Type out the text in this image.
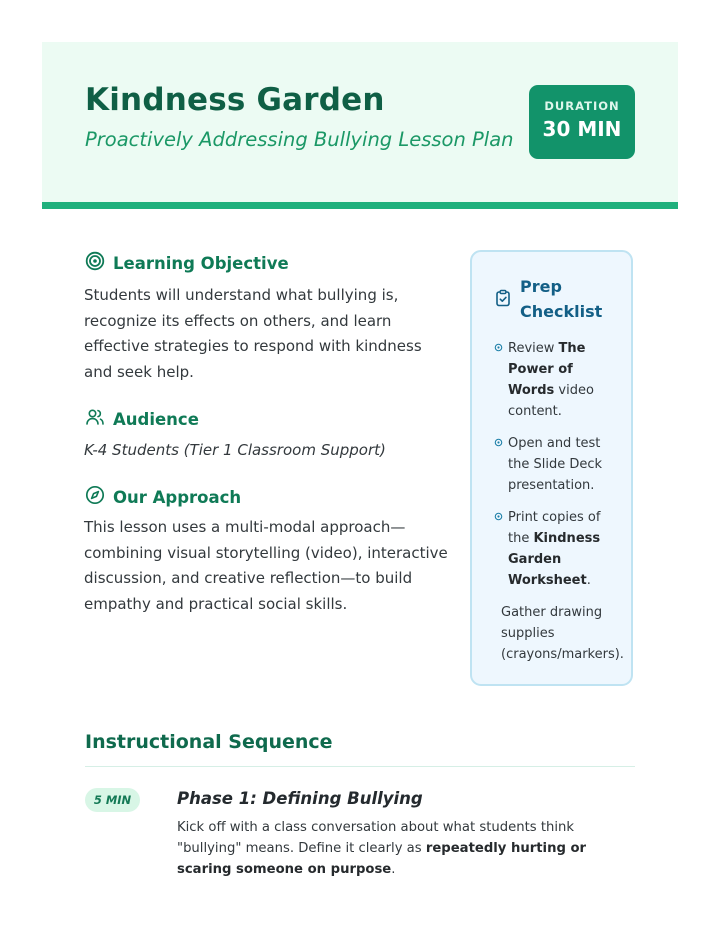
Kindness Garden

Proactively Addressing Bullying Lesson Plan

DURATION
30 MIN
Learning Objective

Students will understand what bullying is, recognize its effects on others, and learn effective strategies to respond with kindness and seek help.

Audience

K-4 Students (Tier 1 Classroom Support)

Our Approach

This lesson uses a multi-modal approach—combining visual storytelling (video), interactive discussion, and creative reflection—to build empathy and practical social skills.

Prep
Checklist
Review The Power of Words video content.
Open and test the Slide Deck presentation.
Print copies of the Kindness Garden Worksheet.
Gather drawing supplies (crayons/markers).
Instructional Sequence
5 MIN	Phase 1: Defining Bullying

Kick off with a class conversation about what students think "bullying" means. Define it clearly as repeatedly hurting or scaring someone on purpose.
